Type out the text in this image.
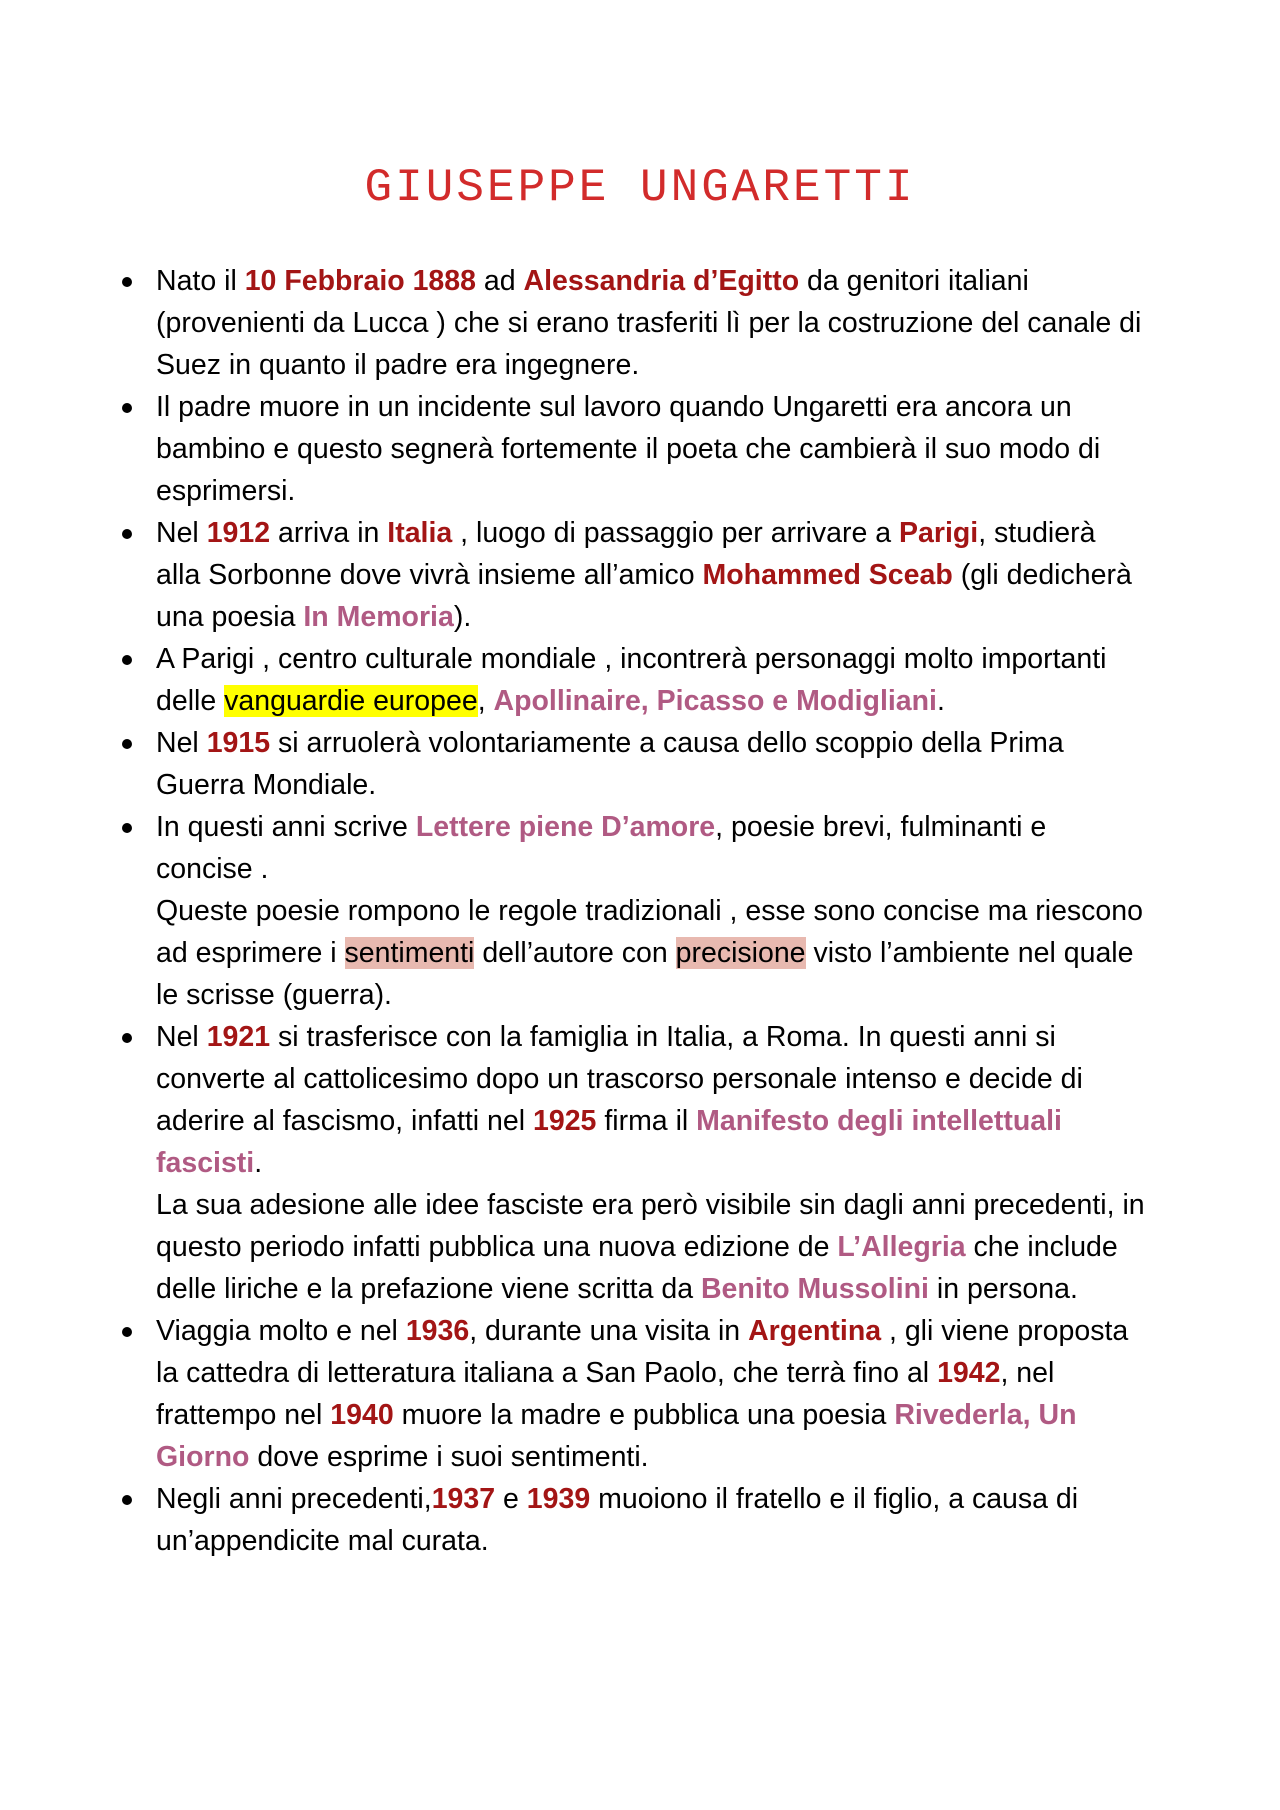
GIUSEPPE UNGARETTI
Nato il 10 Febbraio 1888 ad Alessandria d’Egitto da genitori italiani (provenienti da Lucca ) che si erano trasferiti lì per la costruzione del canale di Suez in quanto il padre era ingegnere.
Il padre muore in un incidente sul lavoro quando Ungaretti era ancora un bambino e questo segnerà fortemente il poeta che cambierà il suo modo di esprimersi.
Nel 1912 arriva in Italia , luogo di passaggio per arrivare a Parigi, studierà alla Sorbonne dove vivrà insieme all’amico Mohammed Sceab (gli dedicherà una poesia In Memoria).
A Parigi , centro culturale mondiale , incontrerà personaggi molto importanti delle vanguardie europee, Apollinaire, Picasso e Modigliani.
Nel 1915 si arruolerà volontariamente a causa dello scoppio della Prima Guerra Mondiale.
In questi anni scrive Lettere piene D’amore, poesie brevi, fulminanti e concise .
Queste poesie rompono le regole tradizionali , esse sono concise ma riescono ad esprimere i sentimenti dell’autore con precisione visto l’ambiente nel quale le scrisse (guerra).
Nel 1921 si trasferisce con la famiglia in Italia, a Roma. In questi anni si converte al cattolicesimo dopo un trascorso personale intenso e decide di aderire al fascismo, infatti nel 1925 firma il Manifesto degli intellettuali fascisti.
La sua adesione alle idee fasciste era però visibile sin dagli anni precedenti, in questo periodo infatti pubblica una nuova edizione de L’Allegria che include delle liriche e la prefazione viene scritta da Benito Mussolini in persona.
Viaggia molto e nel 1936, durante una visita in Argentina , gli viene proposta la cattedra di letteratura italiana a San Paolo, che terrà fino al 1942, nel frattempo nel 1940 muore la madre e pubblica una poesia Rivederla, Un Giorno dove esprime i suoi sentimenti.
Negli anni precedenti,1937 e 1939 muoiono il fratello e il figlio, a causa di un’appendicite mal curata.
